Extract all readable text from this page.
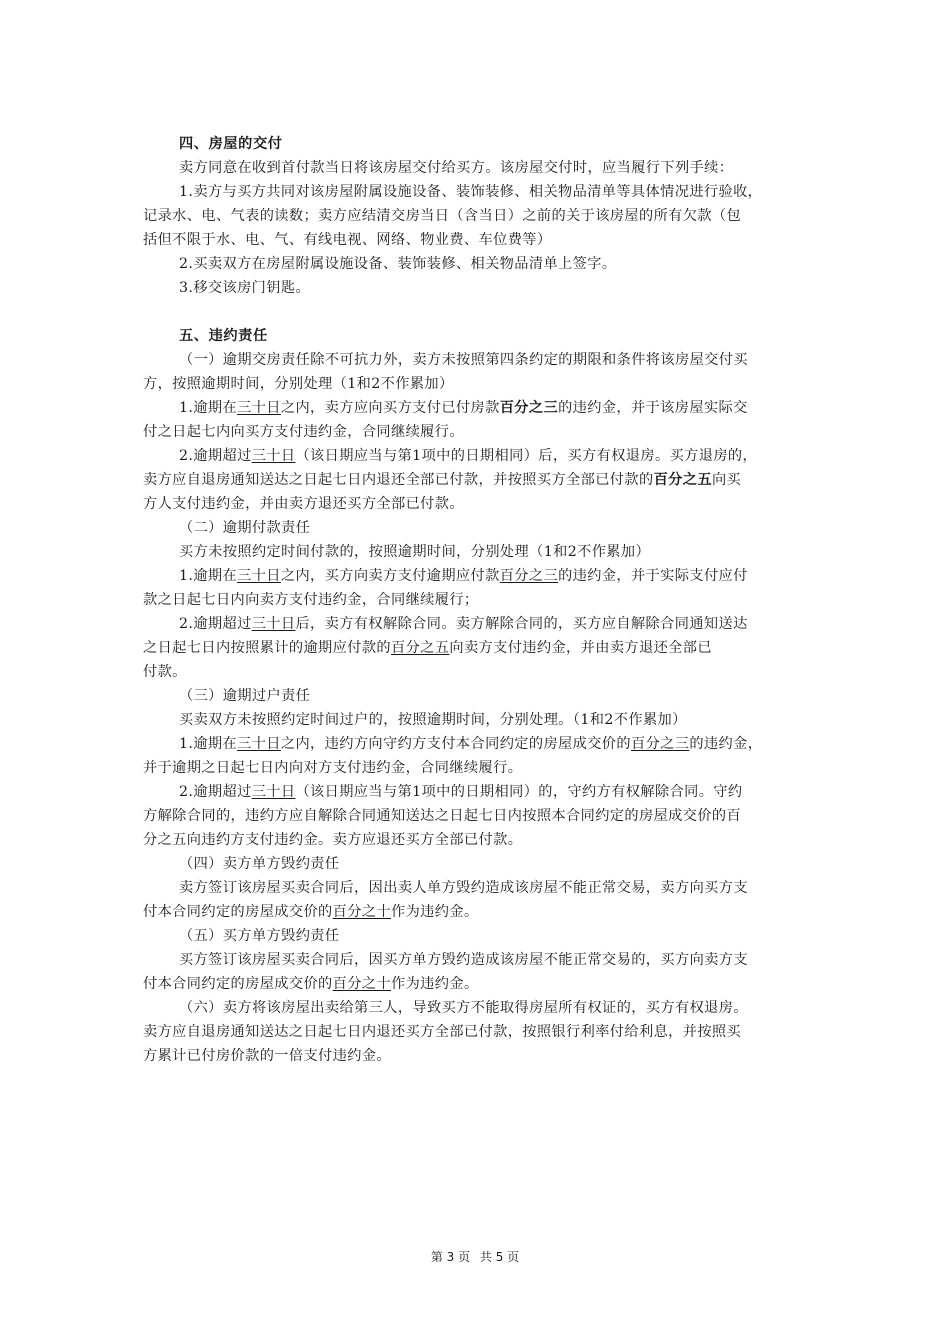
四、房屋的交付
卖方同意在收到首付款当日将该房屋交付给买方。该房屋交付时，应当履行下列手续：
1.卖方与买方共同对该房屋附属设施设备、装饰装修、相关物品清单等具体情况进行验收，
记录水、电、气表的读数；卖方应结清交房当日（含当日）之前的关于该房屋的所有欠款（包
括但不限于水、电、气、有线电视、网络、物业费、车位费等）
2.买卖双方在房屋附属设施设备、装饰装修、相关物品清单上签字。
3.移交该房门钥匙。
五、违约责任
（一）逾期交房责任除不可抗力外，卖方未按照第四条约定的期限和条件将该房屋交付买
方，按照逾期时间，分别处理（1和2不作累加）
1.逾期在三十日之内，卖方应向买方支付已付房款百分之三的违约金，并于该房屋实际交
付之日起七内向买方支付违约金，合同继续履行。
2.逾期超过三十日（该日期应当与第1项中的日期相同）后，买方有权退房。买方退房的，
卖方应自退房通知送达之日起七日内退还全部已付款，并按照买方全部已付款的百分之五向买
方人支付违约金，并由卖方退还买方全部已付款。
（二）逾期付款责任
买方未按照约定时间付款的，按照逾期时间，分别处理（1和2不作累加）
1.逾期在三十日之内，买方向卖方支付逾期应付款百分之三的违约金，并于实际支付应付
款之日起七日内向卖方支付违约金，合同继续履行；
2.逾期超过三十日后，卖方有权解除合同。卖方解除合同的，买方应自解除合同通知送达
之日起七日内按照累计的逾期应付款的百分之五向卖方支付违约金，并由卖方退还全部已
付款。
（三）逾期过户责任
买卖双方未按照约定时间过户的，按照逾期时间，分别处理。（1和2不作累加）
1.逾期在三十日之内，违约方向守约方支付本合同约定的房屋成交价的百分之三的违约金，
并于逾期之日起七日内向对方支付违约金，合同继续履行。
2.逾期超过三十日（该日期应当与第1项中的日期相同）的，守约方有权解除合同。守约
方解除合同的，违约方应自解除合同通知送达之日起七日内按照本合同约定的房屋成交价的百
分之五向违约方支付违约金。卖方应退还买方全部已付款。
（四）卖方单方毁约责任
卖方签订该房屋买卖合同后，因出卖人单方毁约造成该房屋不能正常交易，卖方向买方支
付本合同约定的房屋成交价的百分之十作为违约金。
（五）买方单方毁约责任
买方签订该房屋买卖合同后，因买方单方毁约造成该房屋不能正常交易的，买方向卖方支
付本合同约定的房屋成交价的百分之十作为违约金。
（六）卖方将该房屋出卖给第三人，导致买方不能取得房屋所有权证的，买方有权退房。
卖方应自退房通知送达之日起七日内退还买方全部已付款，按照银行利率付给利息，并按照买
方累计已付房价款的一倍支付违约金。
第 3 页 共 5 页
